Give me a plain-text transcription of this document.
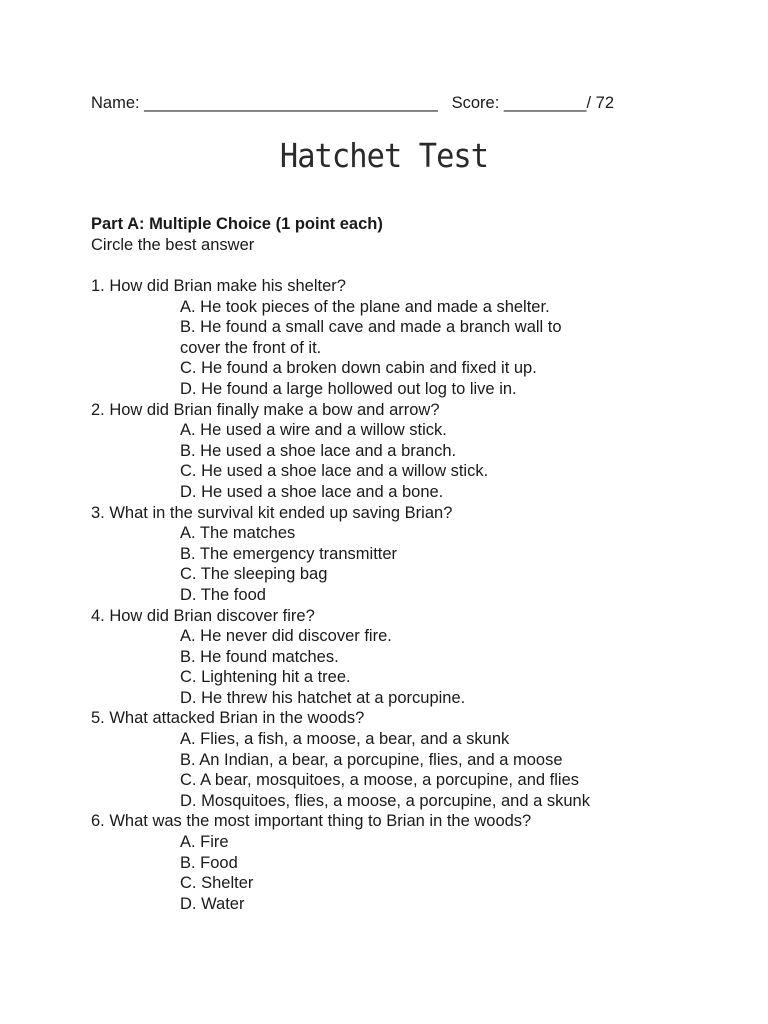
Name: ________________________________ Score: _________/ 72
Hatchet Test
Part A: Multiple Choice (1 point each)
Circle the best answer
1. How did Brian make his shelter?
A. He took pieces of the plane and made a shelter.
B. He found a small cave and made a branch wall to cover the front of it.
C. He found a broken down cabin and fixed it up.
D. He found a large hollowed out log to live in.
2. How did Brian finally make a bow and arrow?
A. He used a wire and a willow stick.
B. He used a shoe lace and a branch.
C. He used a shoe lace and a willow stick.
D. He used a shoe lace and a bone.
3. What in the survival kit ended up saving Brian?
A. The matches
B. The emergency transmitter
C. The sleeping bag
D. The food
4. How did Brian discover fire?
A. He never did discover fire.
B. He found matches.
C. Lightening hit a tree.
D. He threw his hatchet at a porcupine.
5. What attacked Brian in the woods?
A. Flies, a fish, a moose, a bear, and a skunk
B. An Indian, a bear, a porcupine, flies, and a moose
C. A bear, mosquitoes, a moose, a porcupine, and flies
D. Mosquitoes, flies, a moose, a porcupine, and a skunk
6. What was the most important thing to Brian in the woods?
A. Fire
B. Food
C. Shelter
D. Water
